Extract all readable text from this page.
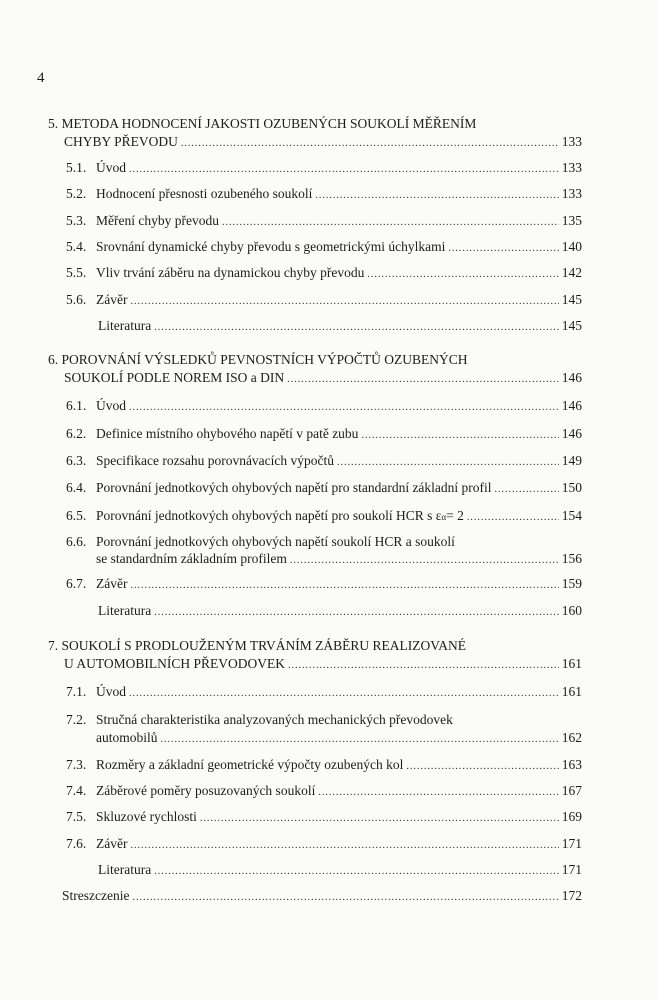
4
5. METODA HODNOCENÍ JAKOSTI OZUBENÝCH SOUKOLÍ MĚŘENÍM
CHYBY PŘEVODU .....	133
5.1. Úvod .....	133
5.2. Hodnocení přesnosti ozubeného soukolí .....	133
5.3. Měření chyby převodu .....	135
5.4. Srovnání dynamické chyby převodu s geometrickými úchylkami .....	140
5.5. Vliv trvání záběru na dynamickou chyby převodu .....	142
5.6. Závěr .....	145
Literatura .....	145
6. POROVNÁNÍ VÝSLEDKŮ PEVNOSTNÍCH VÝPOČTŮ OZUBENÝCH
SOUKOLÍ PODLE NOREM ISO a DIN .....	146
6.1. Úvod .....	146
6.2. Definice místního ohybového napětí v patě zubu .....	146
6.3. Specifikace rozsahu porovnávacích výpočtů .....	149
6.4. Porovnání jednotkových ohybových napětí pro standardní základní profil .....	150
6.5. Porovnání jednotkových ohybových napětí pro soukolí HCR s ε α = 2 .....	154
6.6. Porovnání jednotkových ohybových napětí soukolí HCR a soukolí
se standardním základním profilem .....	156
6.7. Závěr .....	159
Literatura .....	160
7. SOUKOLÍ S PRODLOUŽENÝM TRVÁNÍM ZÁBĚRU REALIZOVANÉ
U AUTOMOBILNÍCH PŘEVODOVEK .....	161
7.1. Úvod .....	161
7.2. Stručná charakteristika analyzovaných mechanických převodovek
automobilů .....	162
7.3. Rozměry a základní geometrické výpočty ozubených kol .....	163
7.4. Záběrové poměry posuzovaných soukolí .....	167
7.5. Skluzové rychlosti .....	169
7.6. Závěr .....	171
Literatura .....	171
Streszczenie .....	172
